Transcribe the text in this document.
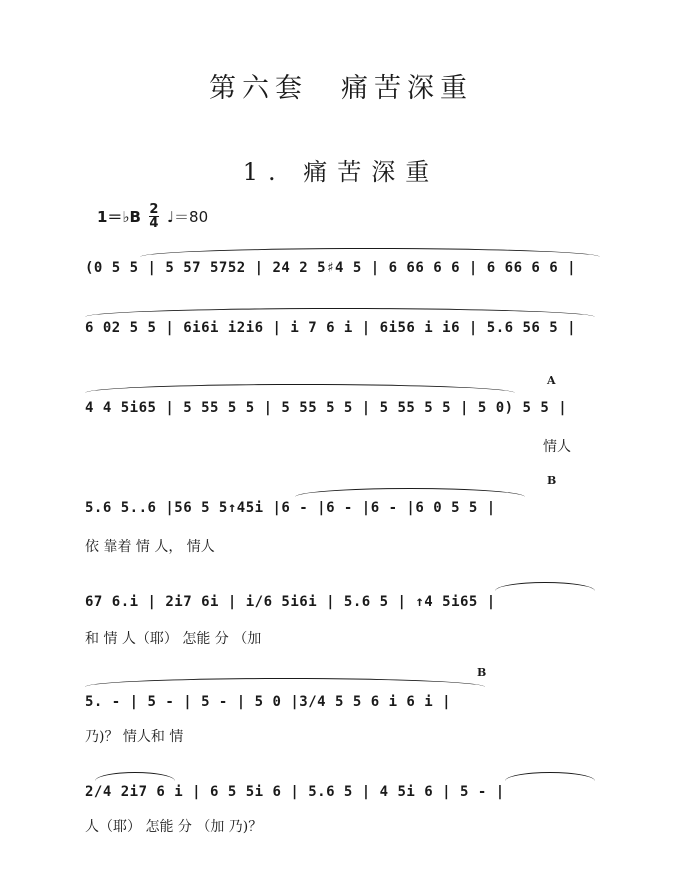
第六套　痛苦深重
1. 痛苦深重
1＝♭B $\frac{2}{4}$ ♩＝80
(0 5 5 | 5 57 5752 | 24 2 5♯4 5 | 6 66 6 6 | 6 66 6 6 |
6 02 5 5 | 6i6i i2i6 | i 7 6 i | 6i56 i i6 | 5.6 56 5 |
A
4 4 5i65 | 5 55 5 5 | 5 55 5 5 | 5 55 5 5 | 5 0) 5 5 |
情人
B
5.6 5..6 |56 5 5↑45i |6 - |6 - |6 - |6 0 5 5 |
依 靠着 情 人， 情人
67 6.i | 2i7 6i | i/6 5i6i | 5.6 5 | ↑4 5i65 |
和 情 人（耶） 怎能 分 （加
B
5. - | 5 - | 5 - | 5 0 |3/4 5 5 6 i 6 i |
乃)？ 情人和 情
2/4 2i7 6 i | 6 5 5i 6 | 5.6 5 | 4 5i 6 | 5 - |
人（耶） 怎能 分 （加 乃)？
